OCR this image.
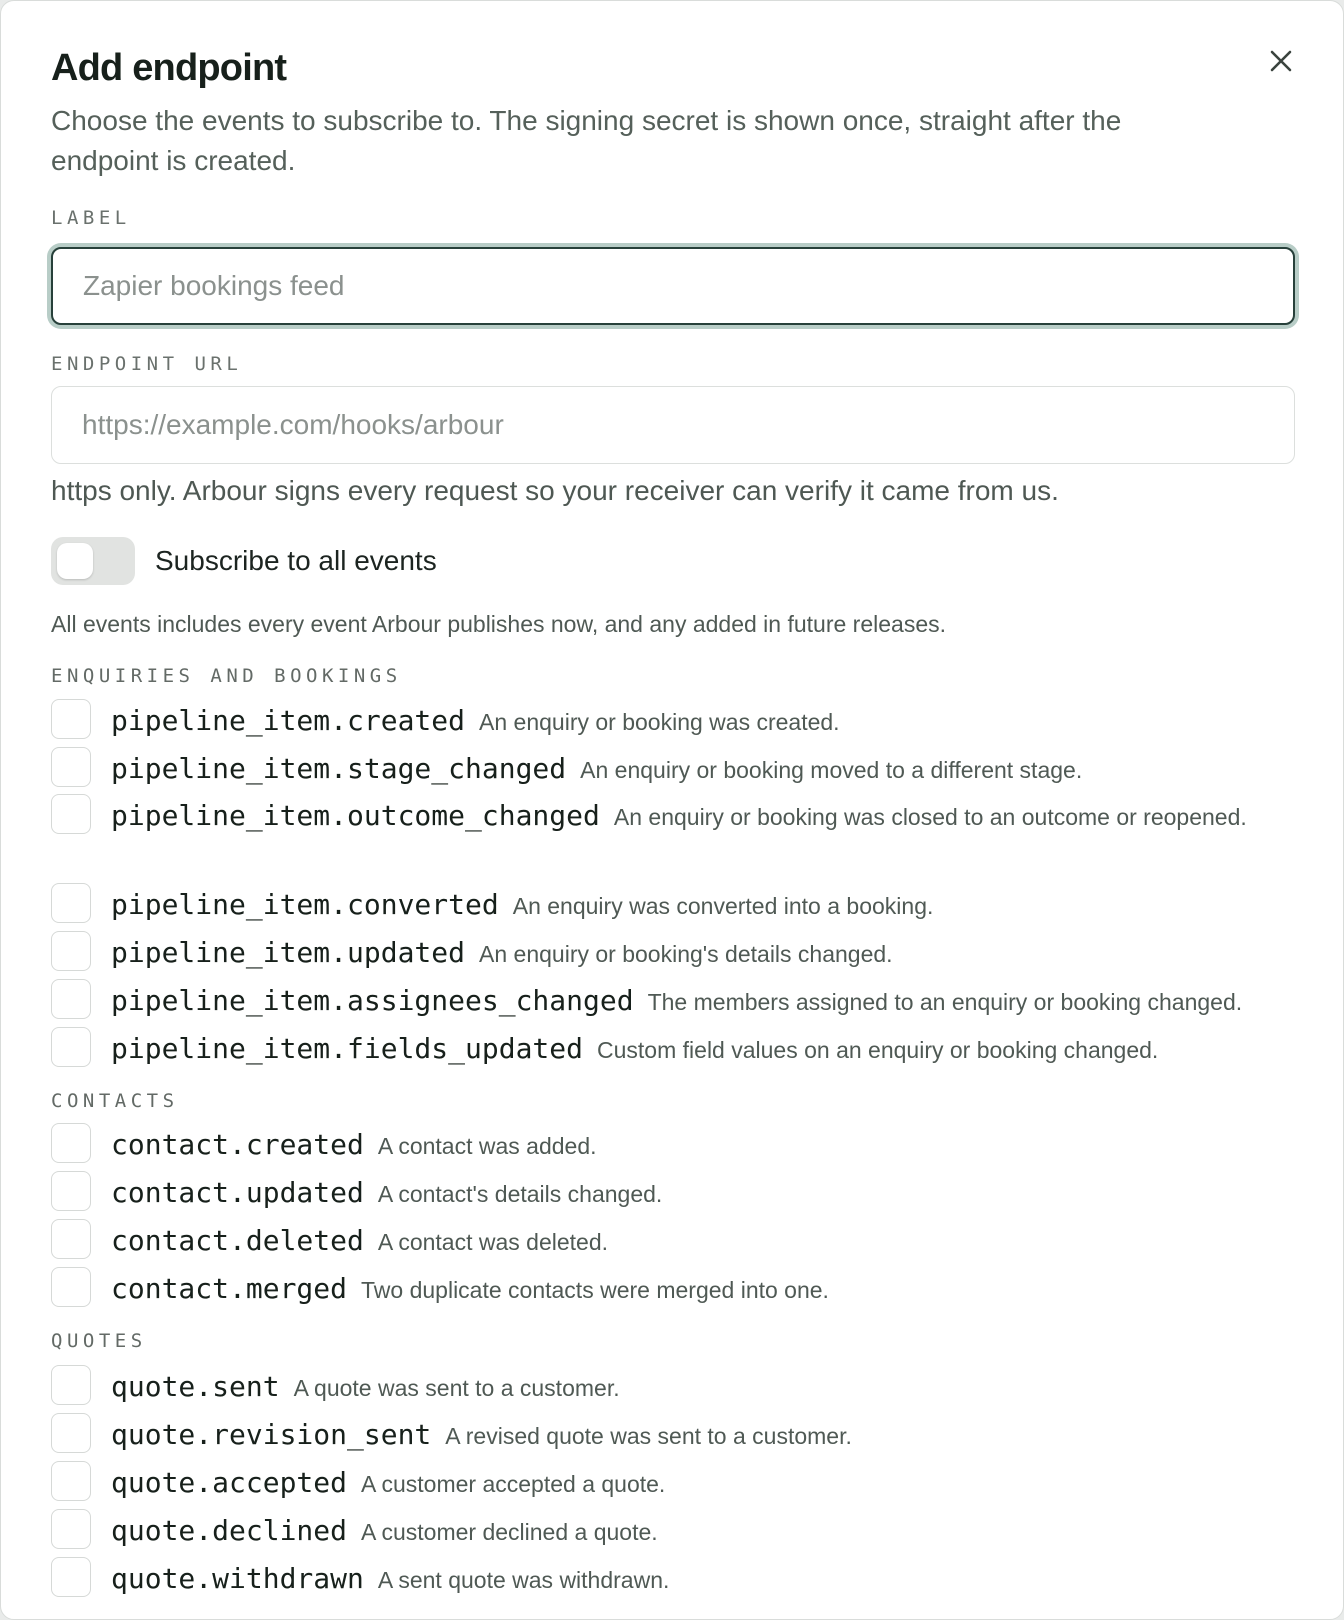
Add endpoint

Choose the events to subscribe to. The signing secret is shown once, straight after the endpoint is created.

LABEL
Zapier bookings feed
ENDPOINT URL
https://example.com/hooks/arbour
https only. Arbour signs every request so your receiver can verify it came from us.
Subscribe to all events
All events includes every event Arbour publishes now, and any added in future releases.
ENQUIRIES AND BOOKINGS
pipeline_item.created An enquiry or booking was created.
pipeline_item.stage_changed An enquiry or booking moved to a different stage.
pipeline_item.outcome_changed An enquiry or booking was closed to an outcome or reopened.
pipeline_item.converted An enquiry was converted into a booking.
pipeline_item.updated An enquiry or booking's details changed.
pipeline_item.assignees_changed The members assigned to an enquiry or booking changed.
pipeline_item.fields_updated Custom field values on an enquiry or booking changed.
CONTACTS
contact.created A contact was added.
contact.updated A contact's details changed.
contact.deleted A contact was deleted.
contact.merged Two duplicate contacts were merged into one.
QUOTES
quote.sent A quote was sent to a customer.
quote.revision_sent A revised quote was sent to a customer.
quote.accepted A customer accepted a quote.
quote.declined A customer declined a quote.
quote.withdrawn A sent quote was withdrawn.
